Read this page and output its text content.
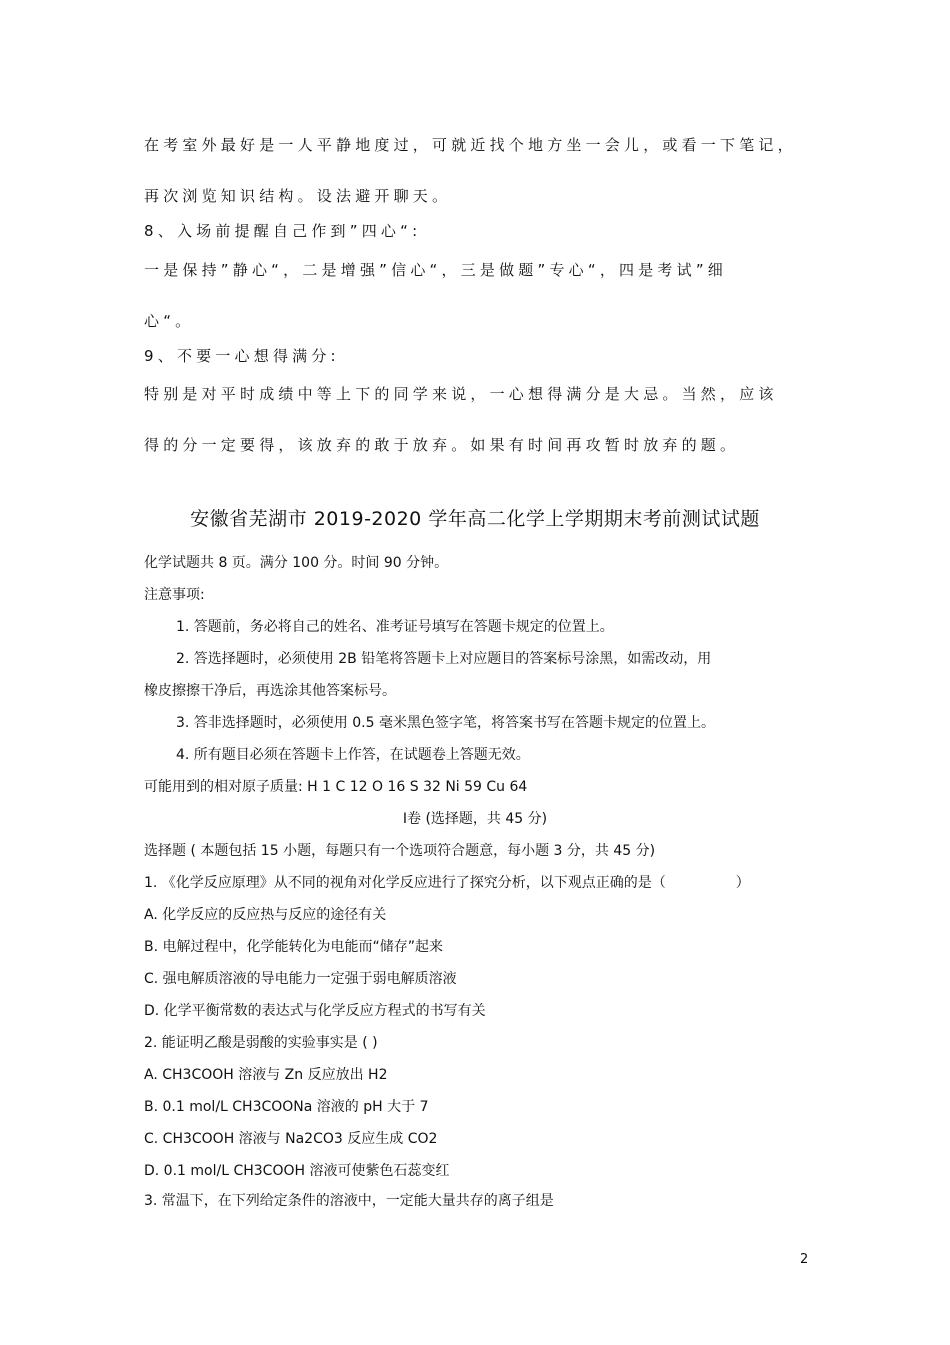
在考室外最好是一人平静地度过，可就近找个地方坐一会儿，或看一下笔记，
再次浏览知识结构。设法避开聊天。
8、入场前提醒自己作到”四心“:
一是保持”静心“，二是增强”信心“，三是做题”专心“，四是考试”细
心“。
9、不要一心想得满分:
特别是对平时成绩中等上下的同学来说，一心想得满分是大忌。当然，应该
得的分一定要得，该放弃的敢于放弃。如果有时间再攻暂时放弃的题。
安徽省芜湖市 2019-2020 学年高二化学上学期期末考前测试试题
化学试题共 8 页。满分 100 分。时间 90 分钟。
注意事项:
1. 答题前，务必将自己的姓名、准考证号填写在答题卡规定的位置上。
2. 答选择题时，必须使用 2B 铅笔将答题卡上对应题目的答案标号涂黑，如需改动，用
橡皮擦擦干净后，再选涂其他答案标号。
3. 答非选择题时，必须使用 0.5 毫米黑色签字笔，将答案书写在答题卡规定的位置上。
4. 所有题目必须在答题卡上作答，在试题卷上答题无效。
可能用到的相对原子质量: H 1 C 12 O 16 S 32 Ni 59 Cu 64
Ⅰ卷 (选择题，共 45 分)
选择题 ( 本题包括 15 小题，每题只有一个选项符合题意，每小题 3 分，共 45 分)
1. 《化学反应原理》从不同的视角对化学反应进行了探究分析，以下观点正确的是（　　　　　）
A. 化学反应的反应热与反应的途径有关
B. 电解过程中，化学能转化为电能而“储存”起来
C. 强电解质溶液的导电能力一定强于弱电解质溶液
D. 化学平衡常数的表达式与化学反应方程式的书写有关
2. 能证明乙酸是弱酸的实验事实是 ( )
A. CH3COOH 溶液与 Zn 反应放出 H2
B. 0.1 mol/L CH3COONa 溶液的 pH 大于 7
C. CH3COOH 溶液与 Na2CO3 反应生成 CO2
D. 0.1 mol/L CH3COOH 溶液可使紫色石蕊变红
3. 常温下，在下列给定条件的溶液中，一定能大量共存的离子组是
2
